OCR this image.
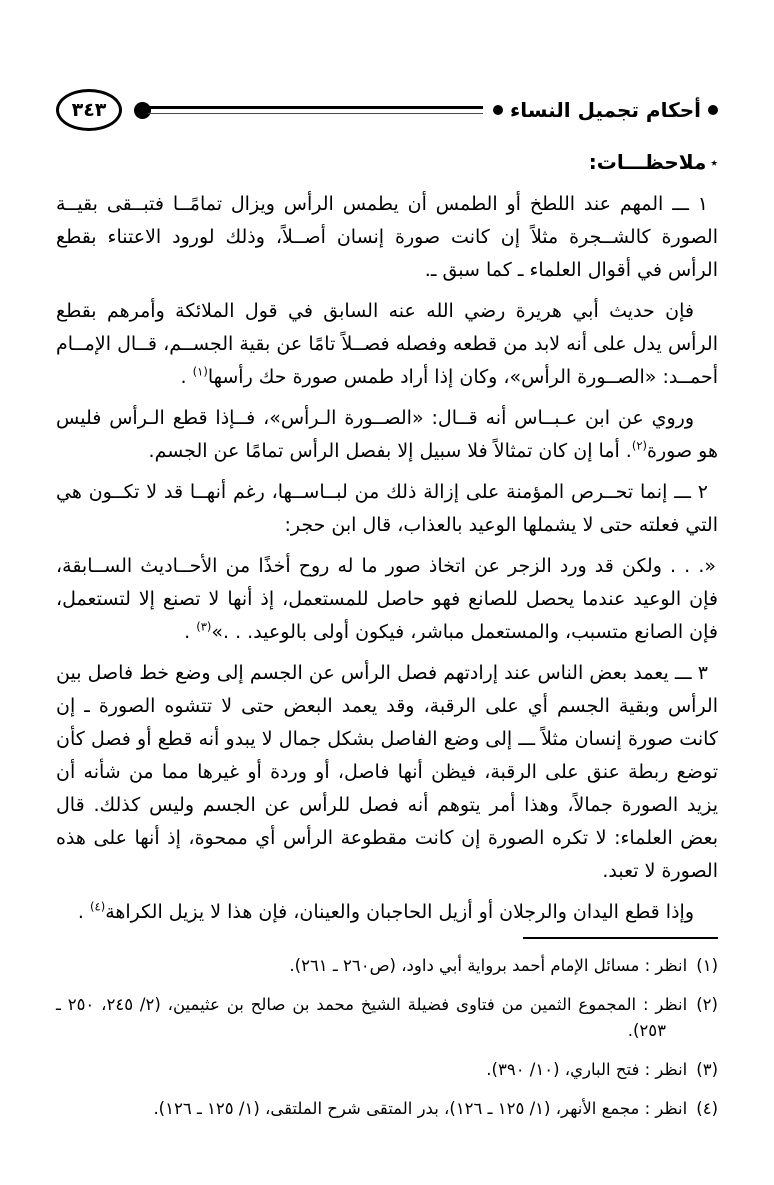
٣٤٣	أحكام تجميل النساء
٭ملاحظـــات:

١ ـــ المهم عند اللطخ أو الطمس أن يطمس الرأس ويزال تمامًــا فتبــقى بقيــة الصورة كالشــجرة مثلاً إن كانت صورة إنسان أصــلاً، وذلك لورود الاعتناء بقطع الرأس في أقوال العلماء ـ كما سبق ـ.

فإن حديث أبي هريرة رضي الله عنه السابق في قول الملائكة وأمرهم بقطع الرأس يدل على أنه لابد من قطعه وفصله فصــلاً تامًا عن بقية الجســم، قــال الإمــام أحمــد: «الصــورة الرأس»، وكان إذا أراد طمس صورة حك رأسها$^{(١)}$ .

وروي عن ابن عـبــاس أنه قــال: «الصــورة الـرأس»، فــإذا قطع الـرأس فليس هو صورة$^{(٢)}$. أما إن كان تمثالاً فلا سبيل إلا بفصل الرأس تمامًا عن الجسم.

٢ ـــ إنما تحــرص المؤمنة على إزالة ذلك من لبــاســها، رغم أنهــا قد لا تكــون هي التي فعلته حتى لا يشملها الوعيد بالعذاب، قال ابن حجر:

«. . . ولكن قد ورد الزجر عن اتخاذ صور ما له روح أخذًا من الأحــاديث الســابقة، فإن الوعيد عندما يحصل للصانع فهو حاصل للمستعمل، إذ أنها لا تصنع إلا لتستعمل، فإن الصانع متسبب، والمستعمل مباشر، فيكون أولى بالوعيد. . .»$^{(٣)}$ .

٣ ـــ يعمد بعض الناس عند إرادتهم فصل الرأس عن الجسم إلى وضع خط فاصل بين الرأس وبقية الجسم أي على الرقبة، وقد يعمد البعض حتى لا تتشوه الصورة ـ إن كانت صورة إنسان مثلاً ـــ إلى وضع الفاصل بشكل جمال لا يبدو أنه قطع أو فصل كأن توضع ربطة عنق على الرقبة، فيظن أنها فاصل، أو وردة أو غيرها مما من شأنه أن يزيد الصورة جمالاً، وهذا أمر يتوهم أنه فصل للرأس عن الجسم وليس كذلك. قال بعض العلماء: لا تكره الصورة إن كانت مقطوعة الرأس أي ممحوة، إذ أنها على هذه الصورة لا تعبد.

وإذا قطع اليدان والرجلان أو أزيل الحاجبان والعينان، فإن هذا لا يزيل الكراهة$^{(٤)}$ .

(١)انظر : مسائل الإمام أحمد برواية أبي داود، (ص٢٦٠ ـ ٢٦١).
(٢)انظر : المجموع الثمين من فتاوى فضيلة الشيخ محمد بن صالح بن عثيمين، (٢/ ٢٤٥، ٢٥٠ ـ ٢٥٣).
(٣)انظر : فتح الباري، (١٠/ ٣٩٠).
(٤)انظر : مجمع الأنهر، (١/ ١٢٥ ـ ١٢٦)، بدر المتقى شرح الملتقى، (١/ ١٢٥ ـ ١٢٦).
